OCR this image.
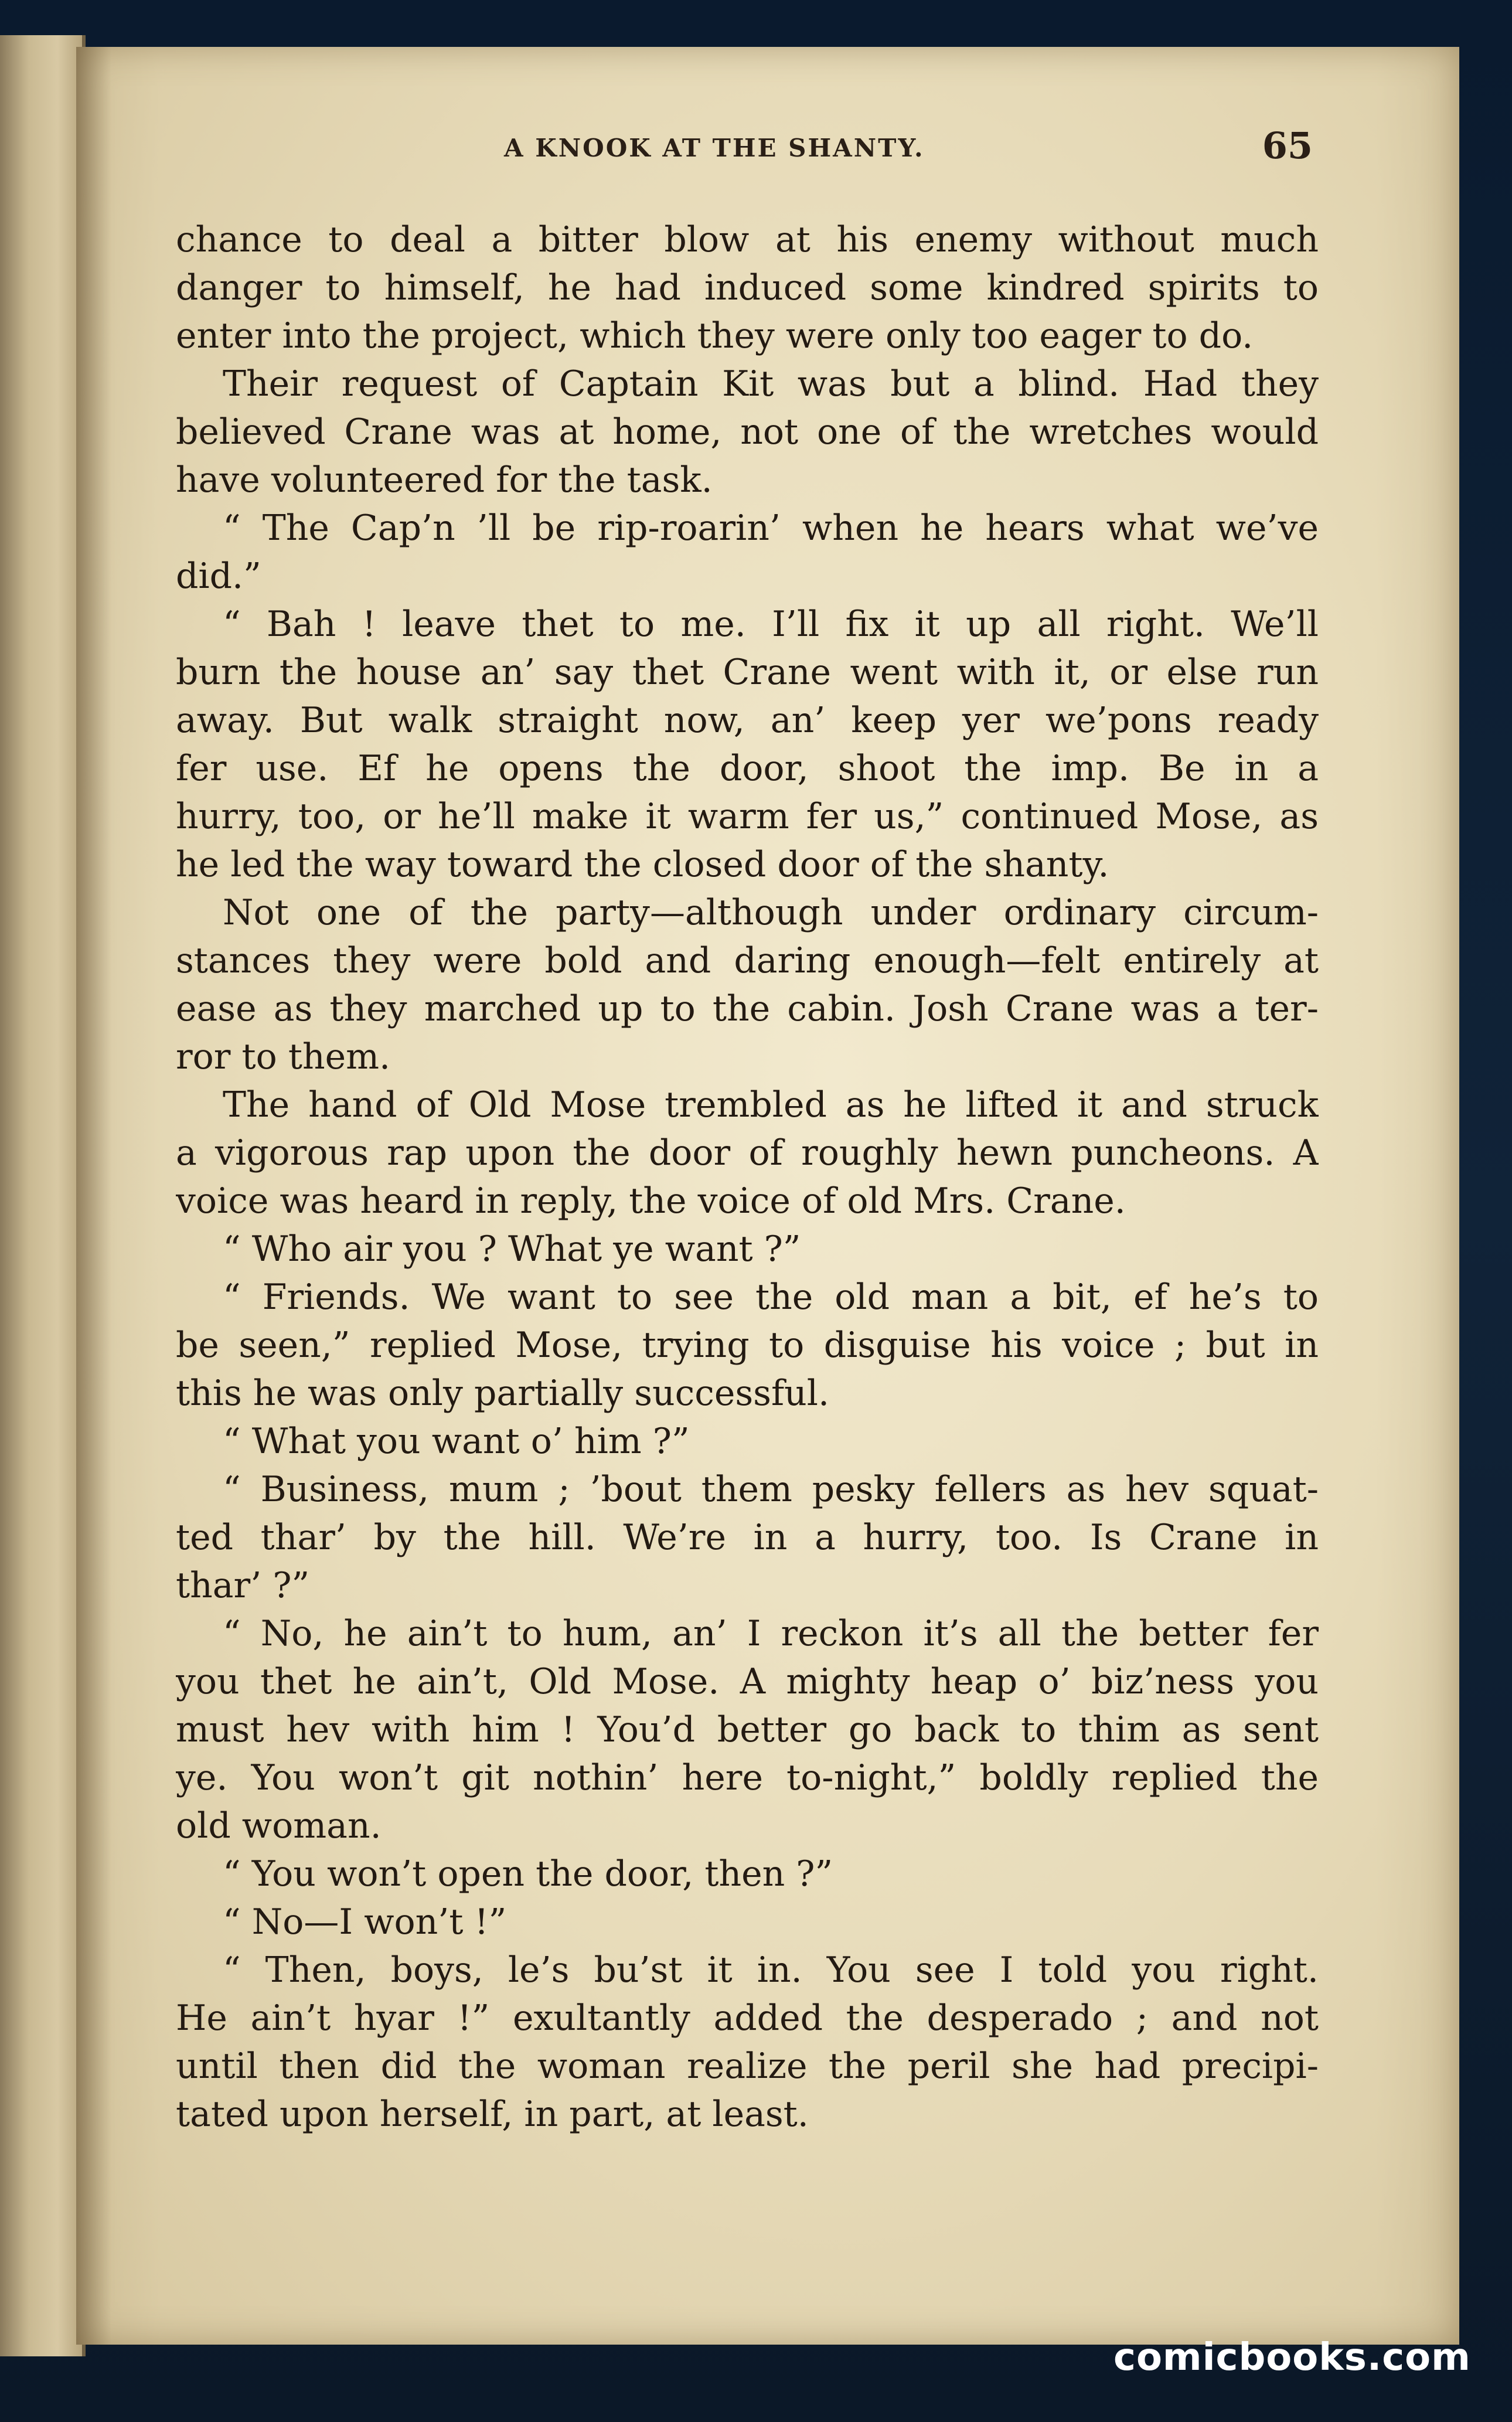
A KNOOK AT THE SHANTY.	65
chance to deal a bitter blow at his enemy without much
danger to himself, he had induced some kindred spirits to
enter into the project, which they were only too eager to do.
Their request of Captain Kit was but a blind. Had they
believed Crane was at home, not one of the wretches would
have volunteered for the task.
“ The Cap’n ’ll be rip-roarin’ when he hears what we’ve
did.”
“ Bah ! leave thet to me. I’ll fix it up all right. We’ll
burn the house an’ say thet Crane went with it, or else run
away. But walk straight now, an’ keep yer we’pons ready
fer use. Ef he opens the door, shoot the imp. Be in a
hurry, too, or he’ll make it warm fer us,” continued Mose, as
he led the way toward the closed door of the shanty.
Not one of the party—although under ordinary circum-
stances they were bold and daring enough—felt entirely at
ease as they marched up to the cabin. Josh Crane was a ter-
ror to them.
The hand of Old Mose trembled as he lifted it and struck
a vigorous rap upon the door of roughly hewn puncheons. A
voice was heard in reply, the voice of old Mrs. Crane.
“ Who air you ? What ye want ?”
“ Friends. We want to see the old man a bit, ef he’s to
be seen,” replied Mose, trying to disguise his voice ; but in
this he was only partially successful.
“ What you want o’ him ?”
“ Business, mum ; ’bout them pesky fellers as hev squat-
ted thar’ by the hill. We’re in a hurry, too. Is Crane in
thar’ ?”
“ No, he ain’t to hum, an’ I reckon it’s all the better fer
you thet he ain’t, Old Mose. A mighty heap o’ biz’ness you
must hev with him ! You’d better go back to thim as sent
ye. You won’t git nothin’ here to-night,” boldly replied the
old woman.
“ You won’t open the door, then ?”
“ No—I won’t !”
“ Then, boys, le’s bu’st it in. You see I told you right.
He ain’t hyar !” exultantly added the desperado ; and not
until then did the woman realize the peril she had precipi-
tated upon herself, in part, at least.
comicbooks.com
